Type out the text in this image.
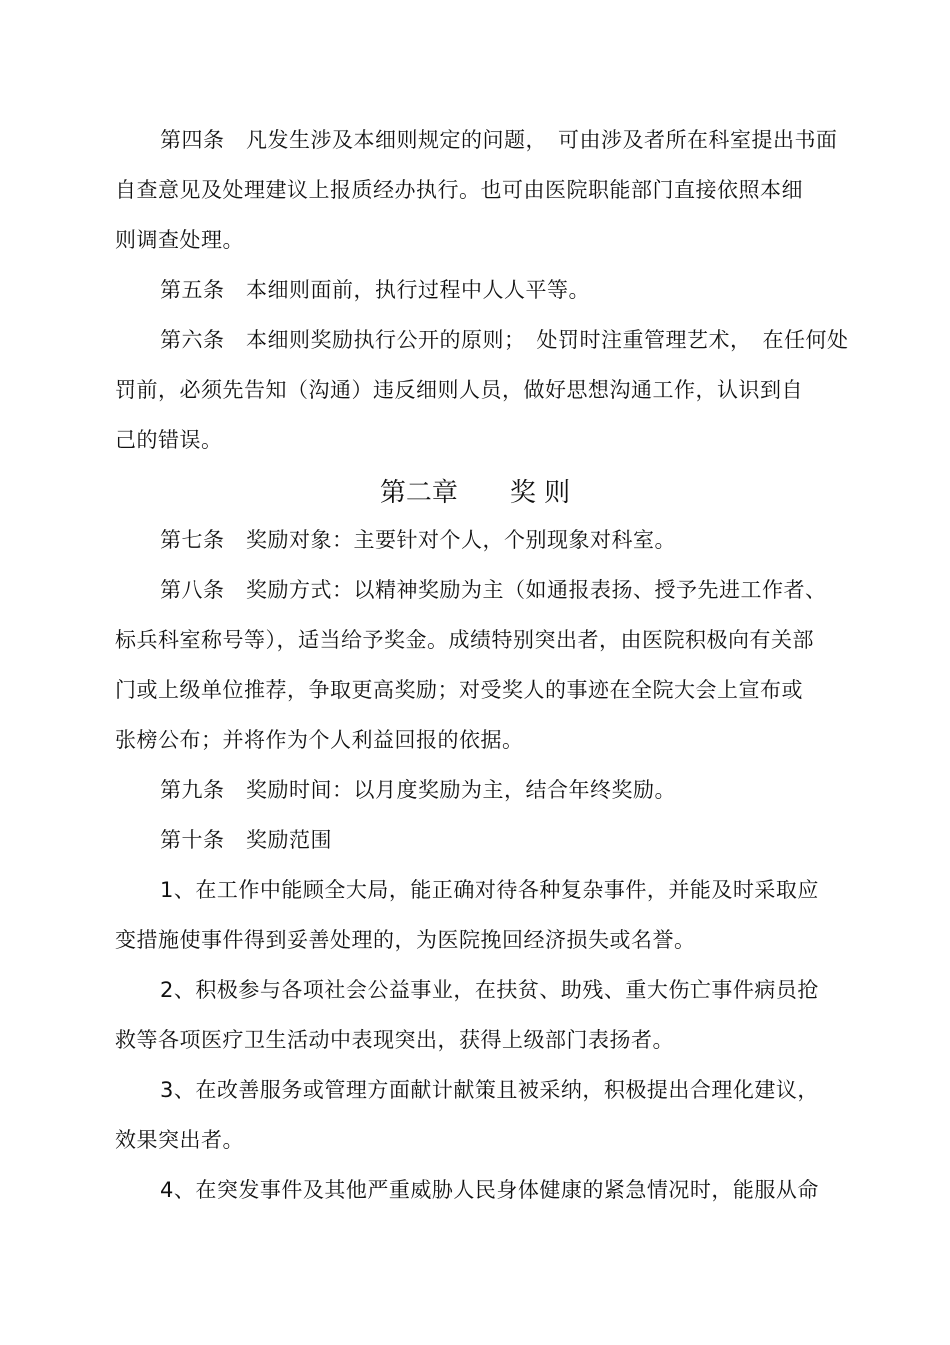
第四条　凡发生涉及本细则规定的问题，　可由涉及者所在科室提出书面
自查意见及处理建议上报质经办执行。也可由医院职能部门直接依照本细
则调查处理。
第五条　本细则面前，执行过程中人人平等。
第六条　本细则奖励执行公开的原则；　处罚时注重管理艺术，　在任何处
罚前，必须先告知（沟通）违反细则人员，做好思想沟通工作，认识到自
己的错误。
第二章　　奖 则
第七条　奖励对象：主要针对个人，个别现象对科室。
第八条　奖励方式：以精神奖励为主（如通报表扬、授予先进工作者、
标兵科室称号等），适当给予奖金。成绩特别突出者，由医院积极向有关部
门或上级单位推荐，争取更高奖励；对受奖人的事迹在全院大会上宣布或
张榜公布；并将作为个人利益回报的依据。
第九条　奖励时间：以月度奖励为主，结合年终奖励。
第十条　奖励范围
1、在工作中能顾全大局，能正确对待各种复杂事件，并能及时采取应
变措施使事件得到妥善处理的，为医院挽回经济损失或名誉。
2、积极参与各项社会公益事业，在扶贫、助残、重大伤亡事件病员抢
救等各项医疗卫生活动中表现突出，获得上级部门表扬者。
3、在改善服务或管理方面献计献策且被采纳，积极提出合理化建议，
效果突出者。
4、在突发事件及其他严重威胁人民身体健康的紧急情况时，能服从命
